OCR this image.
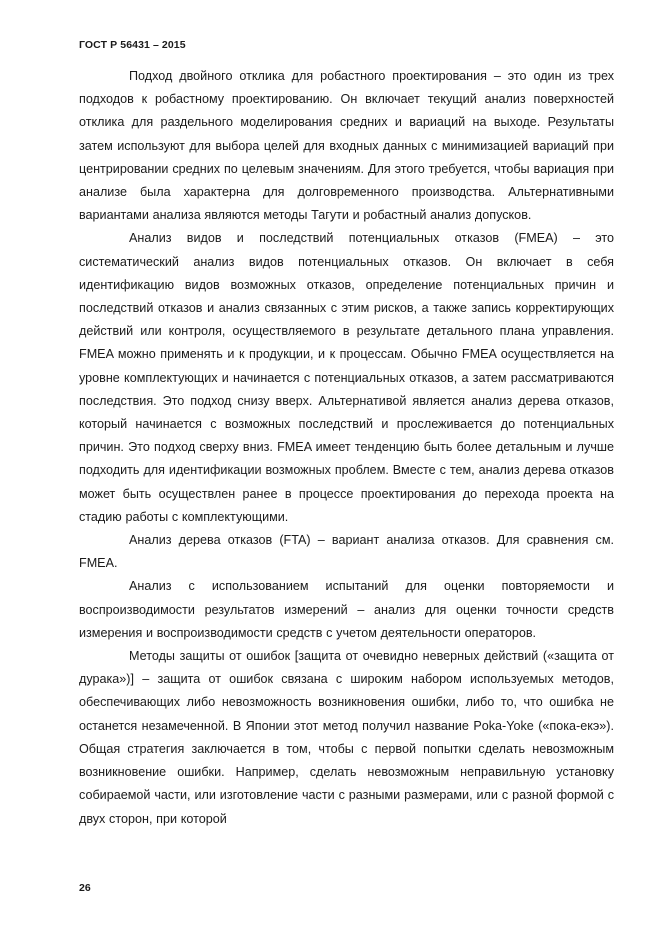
ГОСТ Р 56431 – 2015

Подход двойного отклика для робастного проектирования – это один из трех подходов к робастному проектированию. Он включает текущий анализ поверхностей отклика для раздельного моделирования средних и вариаций на выходе. Результаты затем используют для выбора целей для входных данных с минимизацией вариаций при центрировании средних по целевым значениям. Для этого требуется, чтобы вариация при анализе была характерна для долговременного производства. Альтернативными вариантами анализа являются методы Тагути и робастный анализ допусков.

Анализ видов и последствий потенциальных отказов (FMEA) – это систематический анализ видов потенциальных отказов. Он включает в себя идентификацию видов возможных отказов, определение потенциальных причин и последствий отказов и анализ связанных с этим рисков, а также запись корректирующих действий или контроля, осуществляемого в результате детального плана управления. FMEA можно применять и к продукции, и к процессам. Обычно FMEA осуществляется на уровне комплектующих и начинается с потенциальных отказов, а затем рассматриваются последствия. Это подход снизу вверх. Альтернативой является анализ дерева отказов, который начинается с возможных последствий и прослеживается до потенциальных причин. Это подход сверху вниз. FMEA имеет тенденцию быть более детальным и лучше подходить для идентификации возможных проблем. Вместе с тем, анализ дерева отказов может быть осуществлен ранее в процессе проектирования до перехода проекта на стадию работы с комплектующими.

Анализ дерева отказов (FTA) – вариант анализа отказов. Для сравнения см. FMEA.

Анализ с использованием испытаний для оценки повторяемости и воспроизводимости результатов измерений – анализ для оценки точности средств измерения и воспроизводимости средств с учетом деятельности операторов.

Методы защиты от ошибок [защита от очевидно неверных действий («защита от дурака»)] – защита от ошибок связана с широким набором используемых методов, обеспечивающих либо невозможность возникновения ошибки, либо то, что ошибка не останется незамеченной. В Японии этот метод получил название Poka-Yoke («пока-екэ»). Общая стратегия заключается в том, чтобы с первой попытки сделать невозможным возникновение ошибки. Например, сделать невозможным неправильную установку собираемой части, или изготовление части с разными размерами, или с разной формой с двух сторон, при которой

26
